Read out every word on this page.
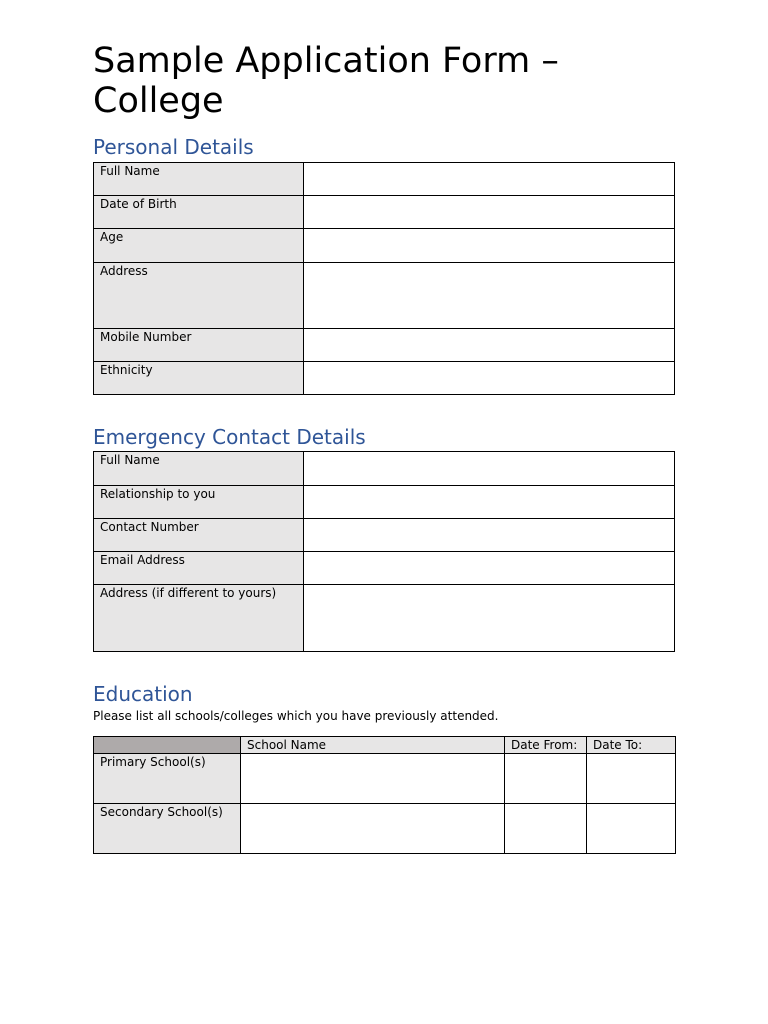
Sample Application Form – College
Personal Details
Full Name	
Date of Birth	
Age	
Address	
Mobile Number	
Ethnicity	
Emergency Contact Details
Full Name	
Relationship to you	
Contact Number	
Email Address	
Address (if different to yours)	
Education

Please list all schools/colleges which you have previously attended.

	School Name	Date From:	Date To:
Primary School(s)			
Secondary School(s)			
